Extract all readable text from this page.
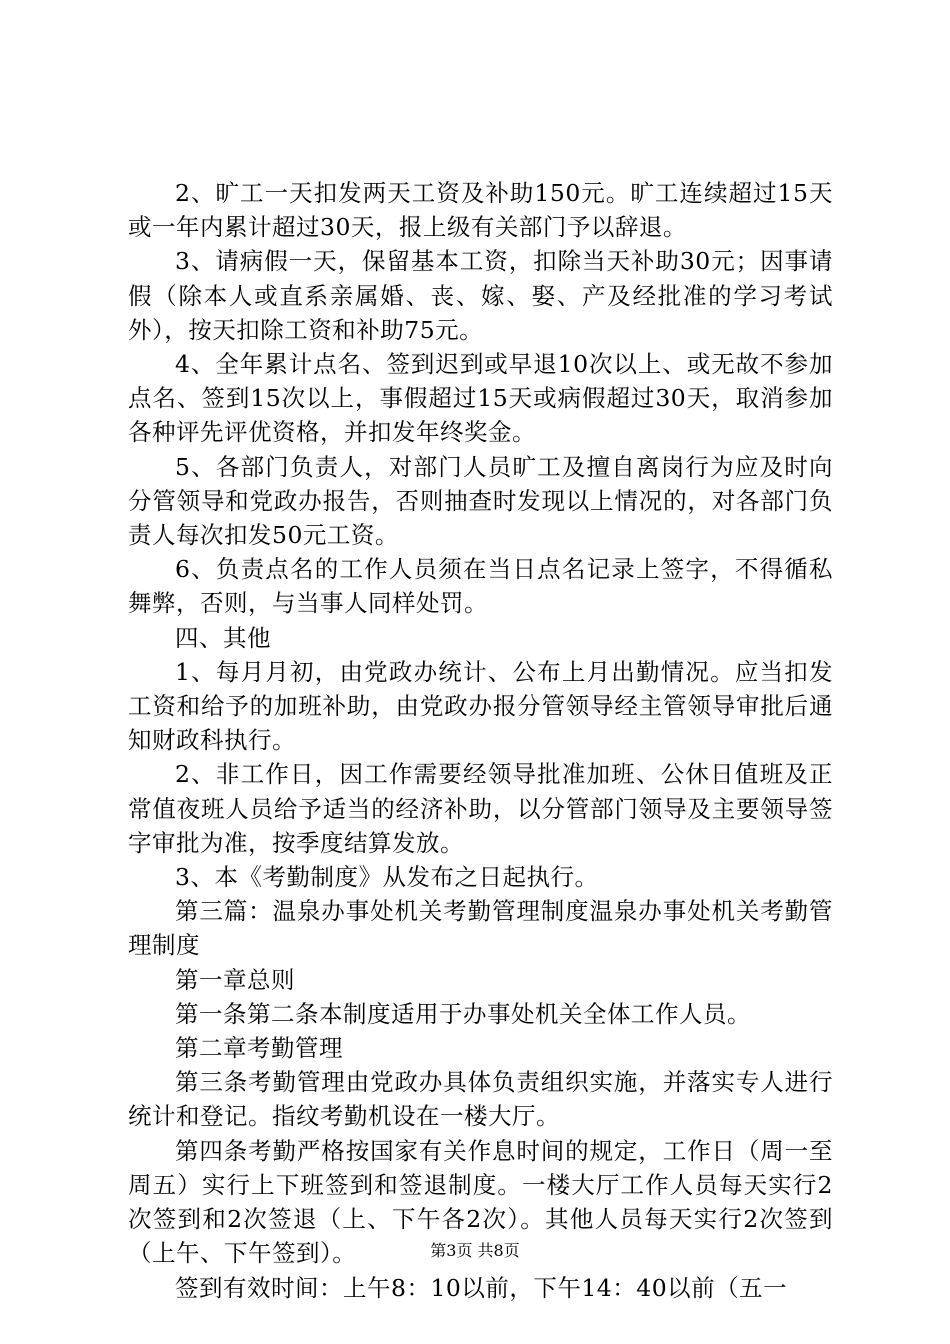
2、旷工一天扣发两天工资及补助150元。旷工连续超过15天或一年内累计超过30天，报上级有关部门予以辞退。

3、请病假一天，保留基本工资，扣除当天补助30元；因事请假（除本人或直系亲属婚、丧、嫁、娶、产及经批准的学习考试外），按天扣除工资和补助75元。

4、全年累计点名、签到迟到或早退10次以上、或无故不参加点名、签到15次以上，事假超过15天或病假超过30天，取消参加各种评先评优资格，并扣发年终奖金。

5、各部门负责人，对部门人员旷工及擅自离岗行为应及时向分管领导和党政办报告，否则抽查时发现以上情况的，对各部门负责人每次扣发50元工资。

6、负责点名的工作人员须在当日点名记录上签字，不得循私舞弊，否则，与当事人同样处罚。

四、其他

1、每月月初，由党政办统计、公布上月出勤情况。应当扣发工资和给予的加班补助，由党政办报分管领导经主管领导审批后通知财政科执行。

2、非工作日，因工作需要经领导批准加班、公休日值班及正常值夜班人员给予适当的经济补助，以分管部门领导及主要领导签字审批为准，按季度结算发放。

3、本《考勤制度》从发布之日起执行。

第三篇：温泉办事处机关考勤管理制度温泉办事处机关考勤管理制度

第一章总则

第一条第二条本制度适用于办事处机关全体工作人员。

第二章考勤管理

第三条考勤管理由党政办具体负责组织实施，并落实专人进行统计和登记。指纹考勤机设在一楼大厅。

第四条考勤严格按国家有关作息时间的规定，工作日（周一至周五）实行上下班签到和签退制度。一楼大厅工作人员每天实行2次签到和2次签退（上、下午各2次）。其他人员每天实行2次签到（上午、下午签到）。

签到有效时间：上午8：10以前，下午14：40以前（五一

第3页 共8页
